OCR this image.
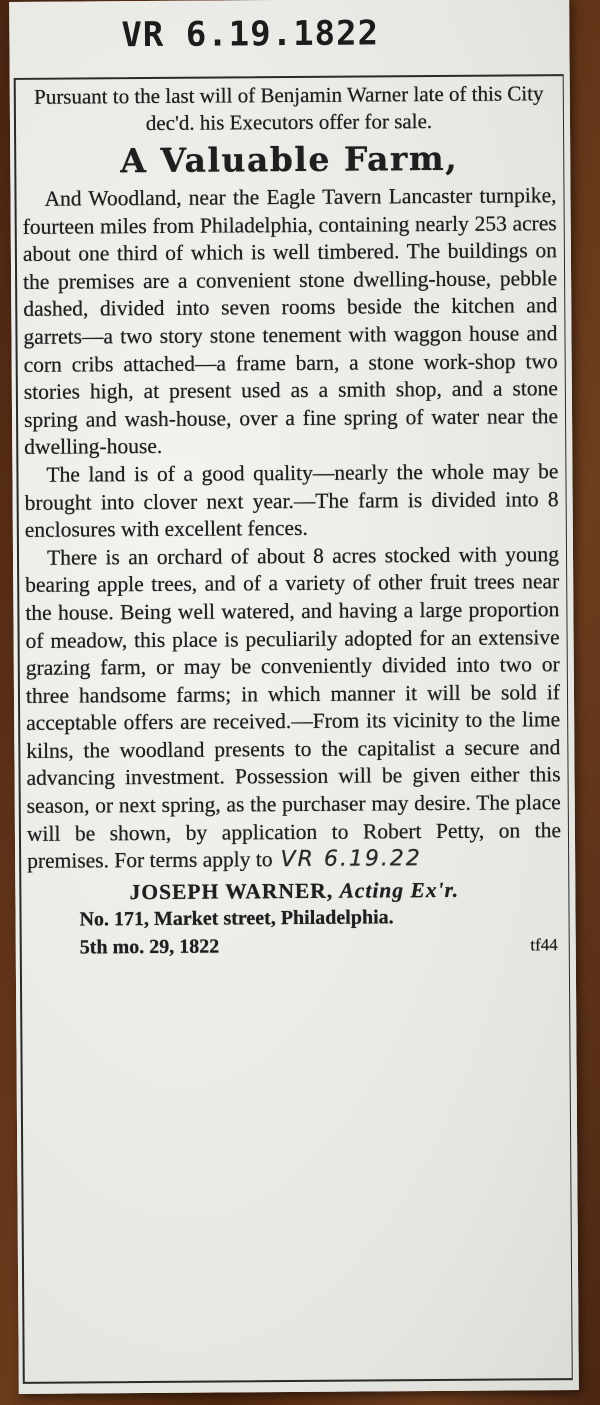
VR 6.19.1822

Pursuant to the last will of Benjamin Warner late of this City dec'd. his Executors offer for sale.

A Valuable Farm,

And Woodland, near the Eagle Tavern Lancaster turnpike, fourteen miles from Philadelphia, containing nearly 253 acres about one third of which is well timbered. The buildings on the premises are a convenient stone dwelling-house, pebble dashed, divided into seven rooms beside the kitchen and garrets—a two story stone tenement with waggon house and corn cribs attached—a frame barn, a stone work-shop two stories high, at present used as a smith shop, and a stone spring and wash-house, over a fine spring of water near the dwelling-house.

The land is of a good quality—nearly the whole may be brought into clover next year.—The farm is divided into 8 enclosures with excellent fences.

There is an orchard of about 8 acres stocked with young bearing apple trees, and of a variety of other fruit trees near the house. Being well watered, and having a large proportion of meadow, this place is peculiarily adopted for an extensive grazing farm, or may be conveniently divided into two or three handsome farms; in which manner it will be sold if acceptable offers are received.—From its vicinity to the lime kilns, the woodland presents to the capitalist a secure and advancing investment. Possession will be given either this season, or next spring, as the purchaser may desire. The place will be shown, by application to Robert Petty, on the premises. For terms apply to VR 6.19.22

JOSEPH WARNER, Acting Ex'r.

No. 171, Market street, Philadelphia.

5th mo. 29, 1822	tf44
